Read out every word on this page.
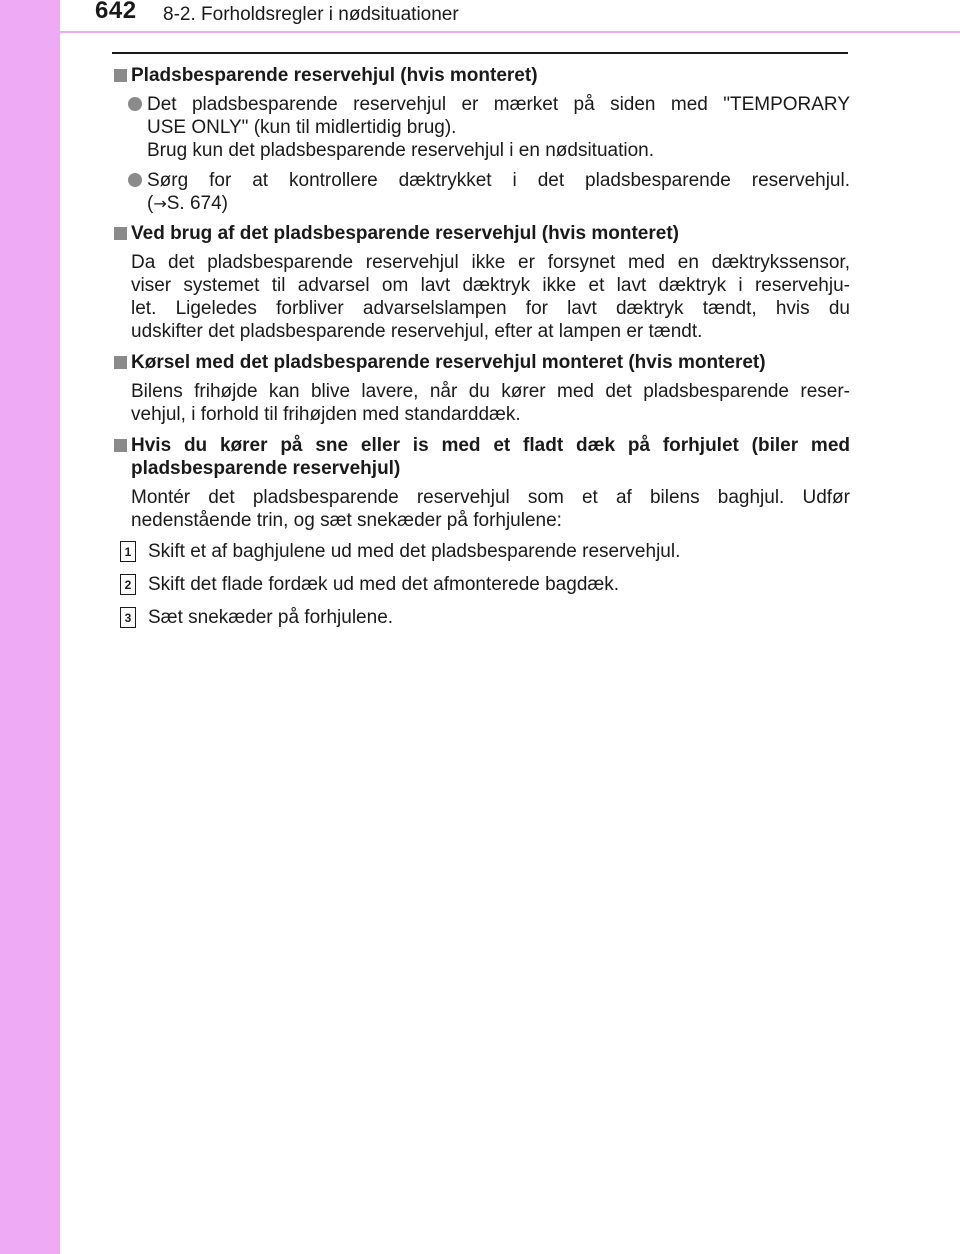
642 8-2. Forholdsregler i nødsituationer
Pladsbesparende reservehjul (hvis monteret)
Det pladsbesparende reservehjul er mærket på siden med "TEMPORARY
USE ONLY" (kun til midlertidig brug).
Brug kun det pladsbesparende reservehjul i en nødsituation.
Sørg for at kontrollere dæktrykket i det pladsbesparende reservehjul.
(→S. 674)
Ved brug af det pladsbesparende reservehjul (hvis monteret)
Da det pladsbesparende reservehjul ikke er forsynet med en dæktrykssensor,
viser systemet til advarsel om lavt dæktryk ikke et lavt dæktryk i reservehju-
let. Ligeledes forbliver advarselslampen for lavt dæktryk tændt, hvis du
udskifter det pladsbesparende reservehjul, efter at lampen er tændt.
Kørsel med det pladsbesparende reservehjul monteret (hvis monteret)
Bilens frihøjde kan blive lavere, når du kører med det pladsbesparende reser-
vehjul, i forhold til frihøjden med standarddæk.
Hvis du kører på sne eller is med et fladt dæk på forhjulet (biler med
pladsbesparende reservehjul)
Montér det pladsbesparende reservehjul som et af bilens baghjul. Udfør
nedenstående trin, og sæt snekæder på forhjulene:
1 Skift et af baghjulene ud med det pladsbesparende reservehjul.
2 Skift det flade fordæk ud med det afmonterede bagdæk.
3 Sæt snekæder på forhjulene.
